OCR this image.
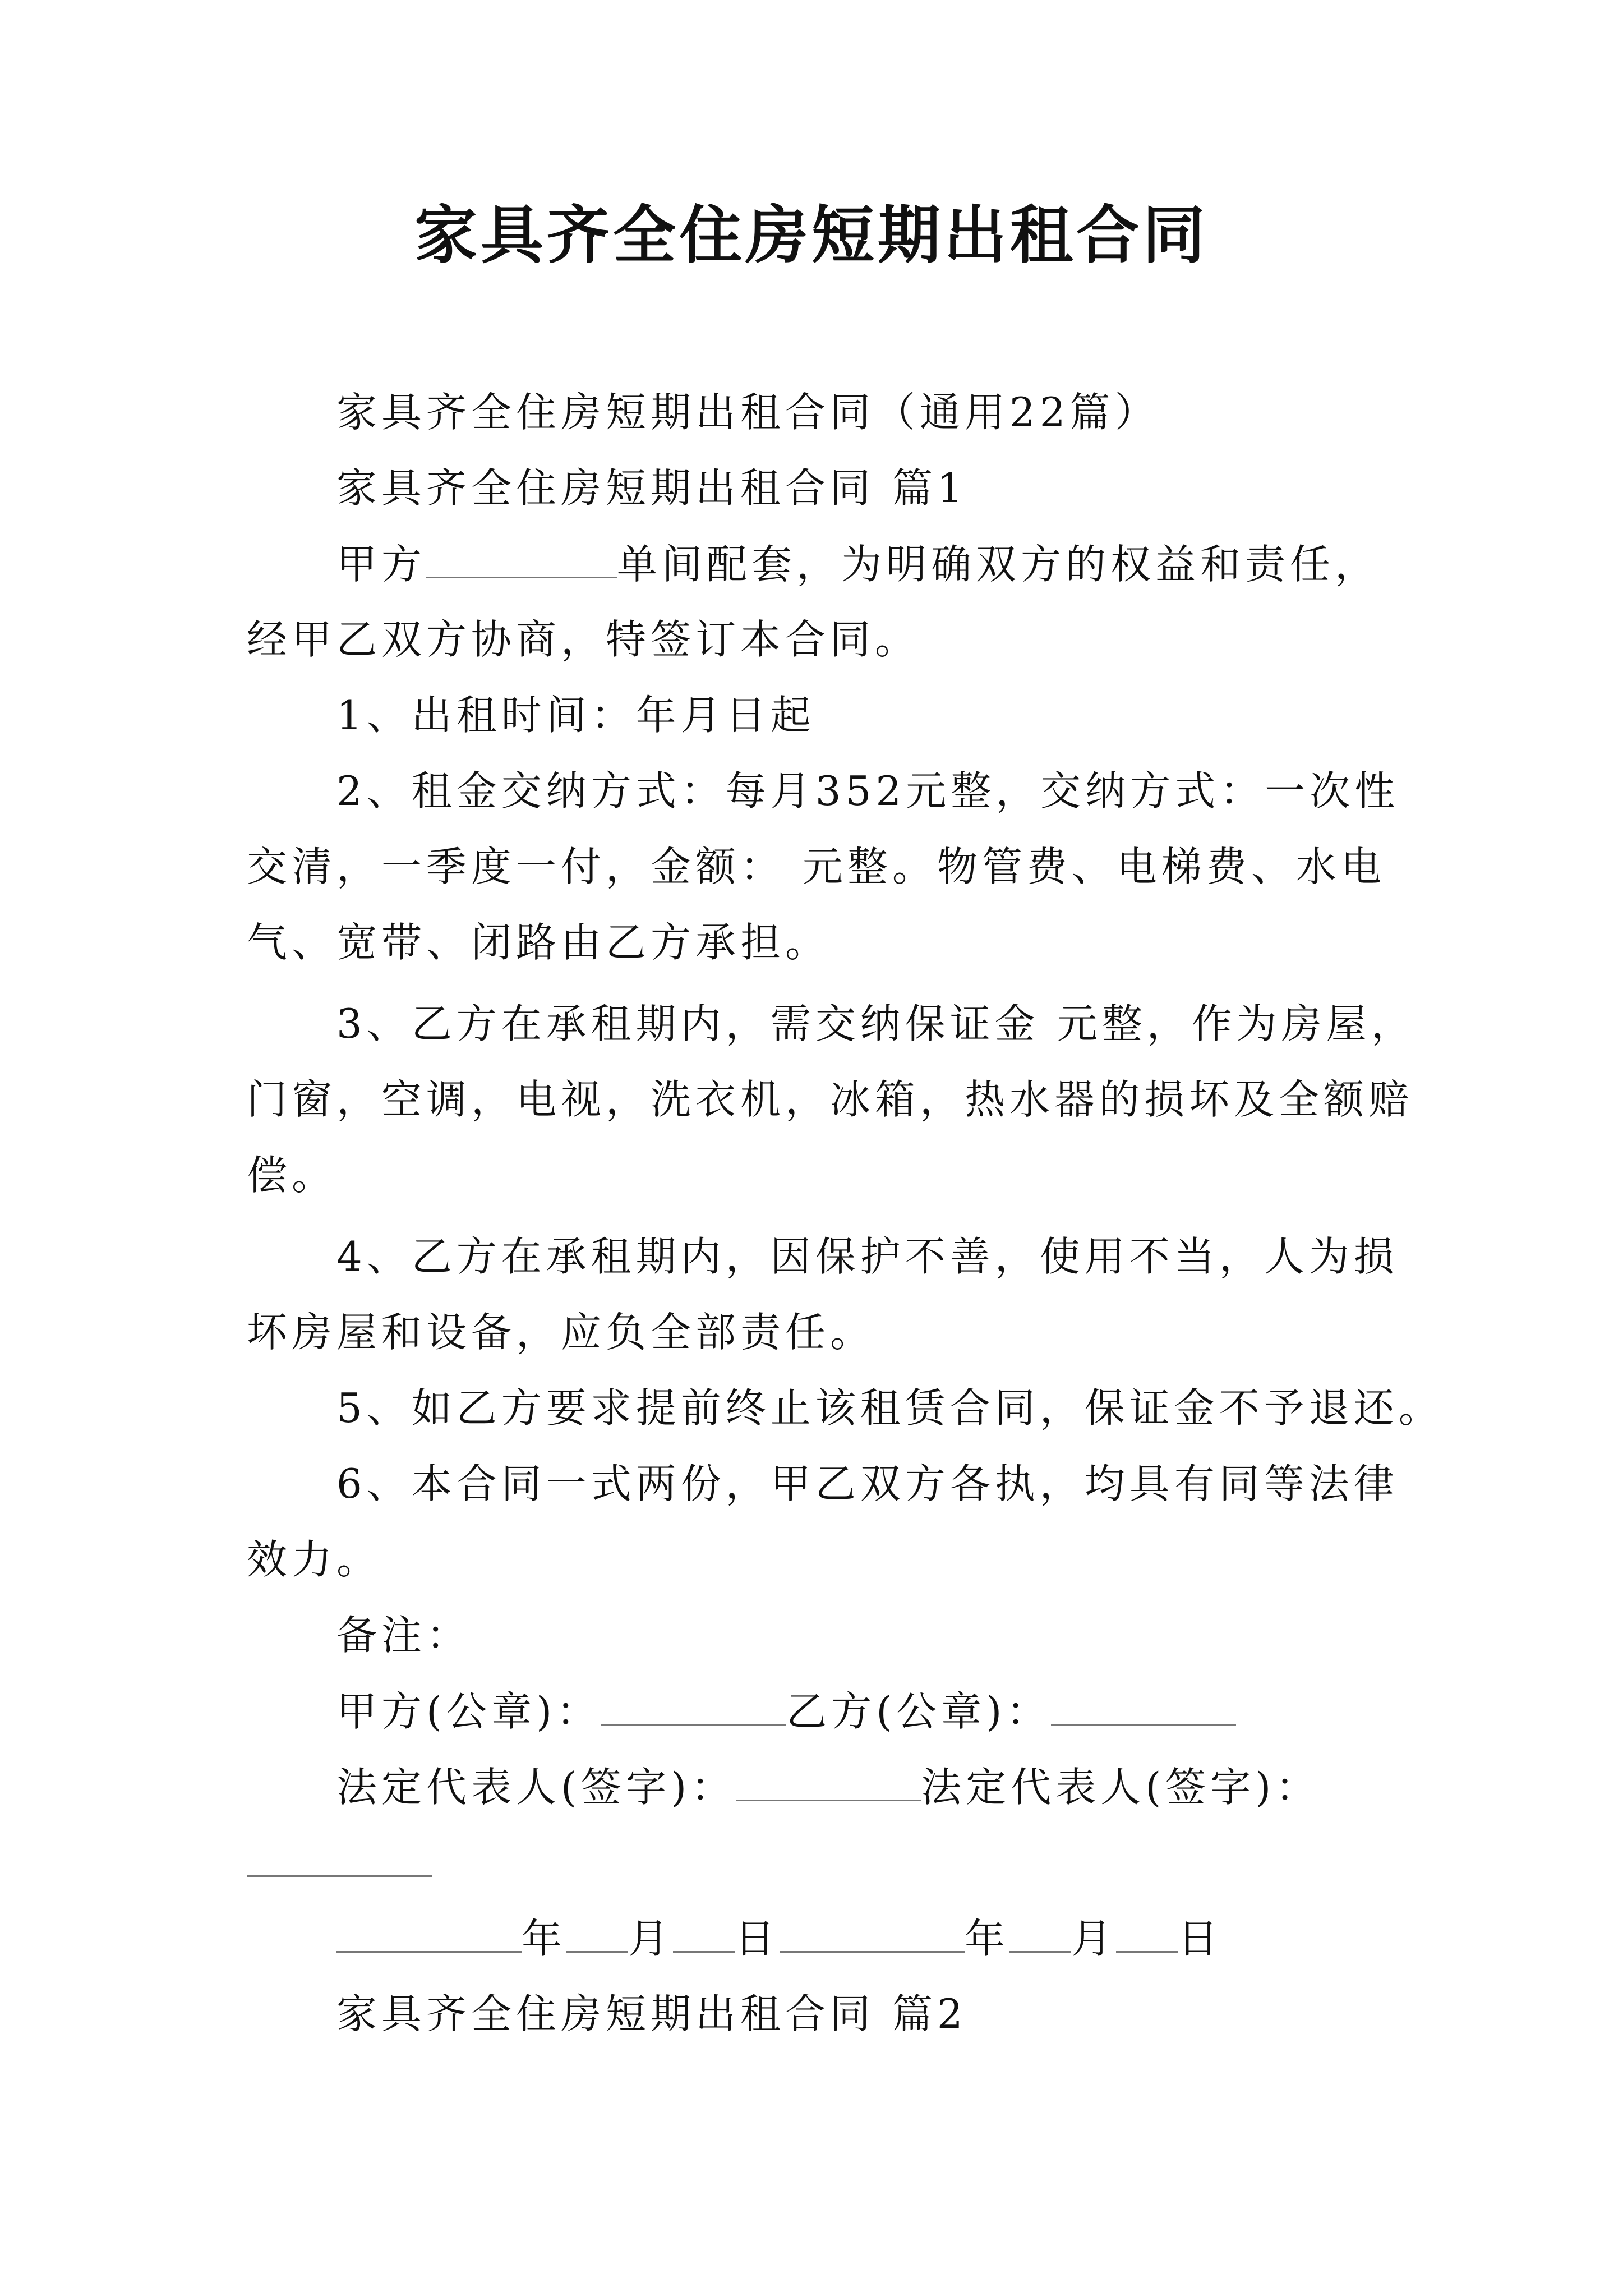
家具齐全住房短期出租合同
家具齐全住房短期出租合同（通用22篇）
家具齐全住房短期出租合同 篇1
甲方	单间配套，为明确双方的权益和责任，
经甲乙双方协商，特签订本合同。
1、出租时间：年月日起
2、租金交纳方式：每月352元整，交纳方式：一次性
交清，一季度一付，金额： 元整。物管费、电梯费、水电
气、宽带、闭路由乙方承担。
3、乙方在承租期内，需交纳保证金 元整，作为房屋，
门窗，空调，电视，洗衣机，冰箱，热水器的损坏及全额赔
偿。
4、乙方在承租期内，因保护不善，使用不当，人为损
坏房屋和设备，应负全部责任。
5、如乙方要求提前终止该租赁合同，保证金不予退还。
6、本合同一式两份，甲乙双方各执，均具有同等法律
效力。
备注：
甲方(公章)：	乙方(公章)：
法定代表人(签字)：	法定代表人(签字)：
年 月 日	年 月 日
家具齐全住房短期出租合同 篇2
